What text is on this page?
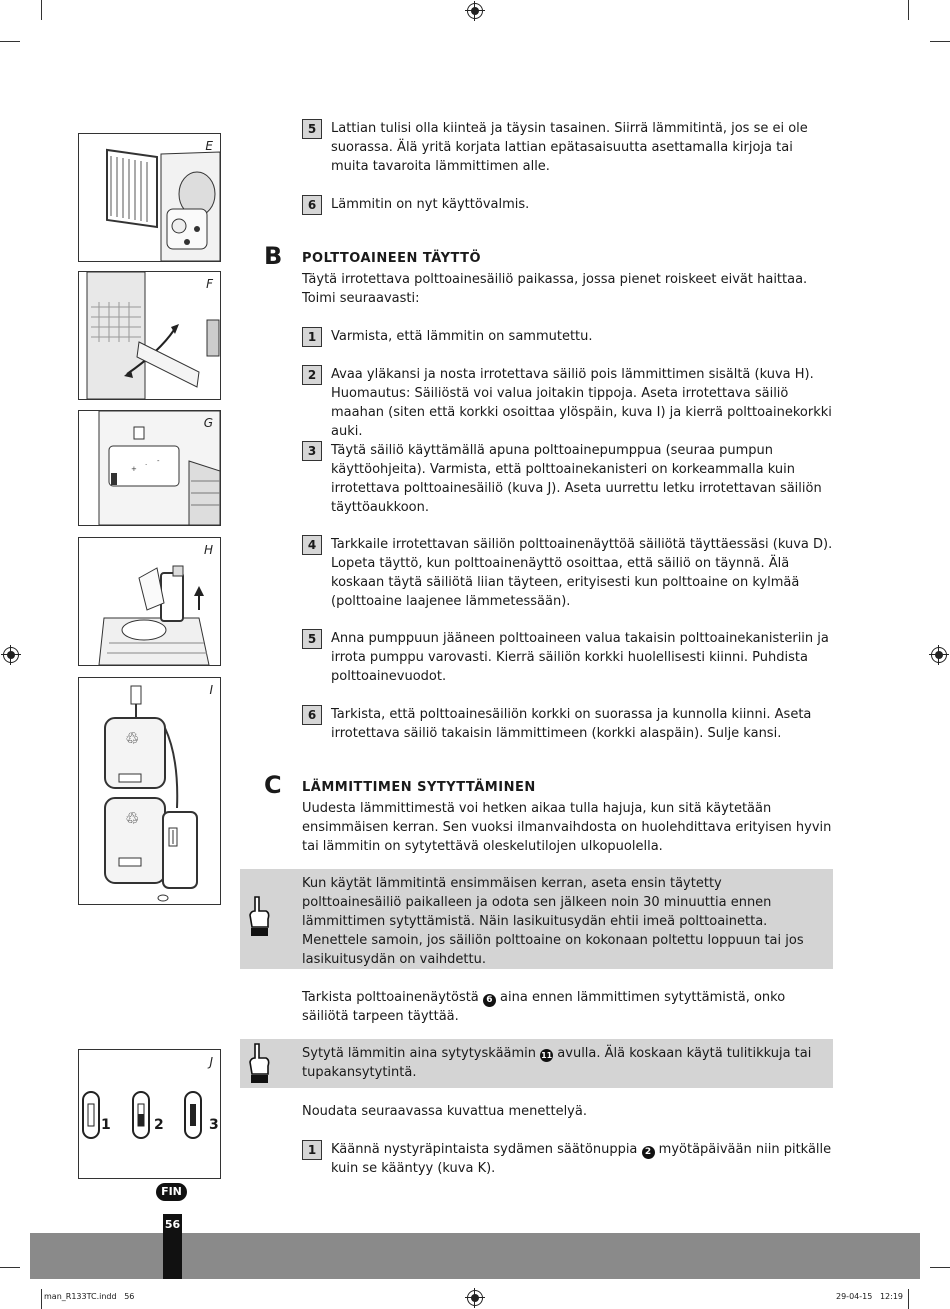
E
F
G
+ · -
H
I
♲
♲
J
1	2	3
FIN
5	Lattian tulisi olla kiinteä ja täysin tasainen. Siirrä lämmitintä, jos se ei ole suorassa. Älä yritä korjata lattian epätasaisuutta asettamalla kirjoja tai muita tavaroita lämmittimen alle.
6	Lämmitin on nyt käyttövalmis.
B POLTTOAINEEN TÄYTTÖ
Täytä irrotettava polttoainesäiliö paikassa, jossa pienet roiskeet eivät haittaa. Toimi seuraavasti:
1	Varmista, että lämmitin on sammutettu.
2	Avaa yläkansi ja nosta irrotettava säiliö pois lämmittimen sisältä (kuva H). Huomautus: Säiliöstä voi valua joitakin tippoja. Aseta irrotettava säiliö maahan (siten että korkki osoittaa ylöspäin, kuva I) ja kierrä polttoainekorkki auki.
3	Täytä säiliö käyttämällä apuna polttoainepumppua (seuraa pumpun käyttöohjeita). Varmista, että polttoainekanisteri on korkeammalla kuin irrotettava polttoainesäiliö (kuva J). Aseta uurrettu letku irrotettavan säiliön täyttöaukkoon.
4	Tarkkaile irrotettavan säiliön polttoainenäyttöä säiliötä täyttäessäsi (kuva D). Lopeta täyttö, kun polttoainenäyttö osoittaa, että säiliö on täynnä. Älä koskaan täytä säiliötä liian täyteen, erityisesti kun polttoaine on kylmää (polttoaine laajenee lämmetessään).
5	Anna pumppuun jääneen polttoaineen valua takaisin polttoainekanisteriin ja irrota pumppu varovasti. Kierrä säiliön korkki huolellisesti kiinni. Puhdista polttoainevuodot.
6	Tarkista, että polttoainesäiliön korkki on suorassa ja kunnolla kiinni. Aseta irrotettava säiliö takaisin lämmittimeen (korkki alaspäin). Sulje kansi.
C LÄMMITTIMEN SYTYTTÄMINEN
Uudesta lämmittimestä voi hetken aikaa tulla hajuja, kun sitä käytetään ensimmäisen kerran. Sen vuoksi ilmanvaihdosta on huolehdittava erityisen hyvin tai lämmitin on sytytettävä oleskelutilojen ulkopuolella.
Kun käytät lämmitintä ensimmäisen kerran, aseta ensin täytetty polttoainesäiliö paikalleen ja odota sen jälkeen noin 30 minuuttia ennen lämmittimen sytyttämistä. Näin lasikuitusydän ehtii imeä polttoainetta. Menettele samoin, jos säiliön polttoaine on kokonaan poltettu loppuun tai jos lasikuitusydän on vaihdettu.
Tarkista polttoainenäytöstä 6 aina ennen lämmittimen sytyttämistä, onko säiliötä tarpeen täyttää.
Sytytä lämmitin aina sytytyskäämin 11 avulla. Älä koskaan käytä tulitikkuja tai tupakansytytintä.
Noudata seuraavassa kuvattua menettelyä.
1	Käännä nystyräpintaista sydämen säätönuppia 2 myötäpäivään niin pitkälle kuin se kääntyy (kuva K).
56
man_R133TC.indd   56	29-04-15   12:19
